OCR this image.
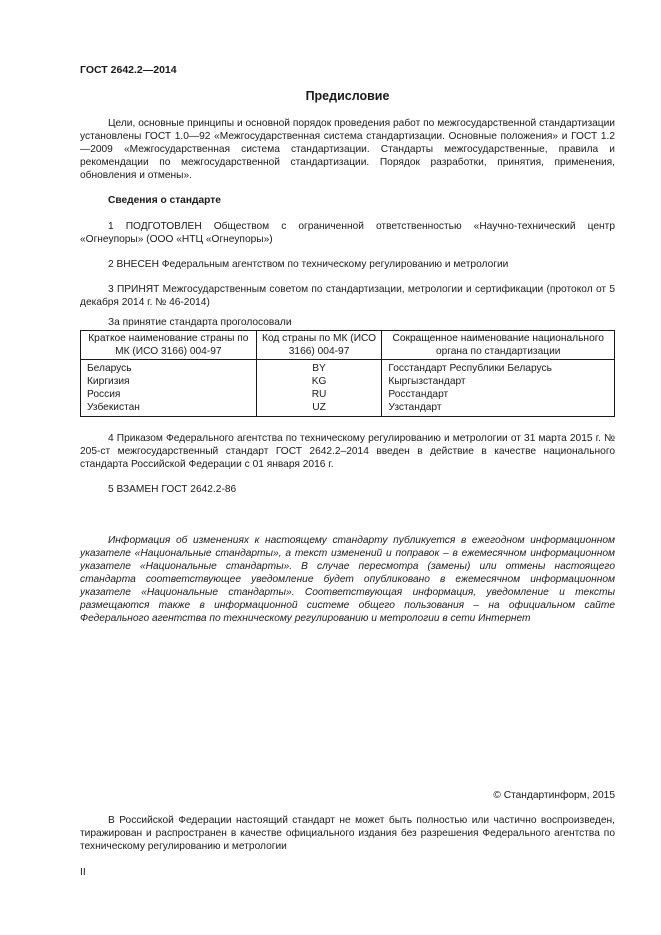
ГОСТ 2642.2—2014
Предисловие

Цели, основные принципы и основной порядок проведения работ по межгосударственной стандартизации установлены ГОСТ 1.0—92 «Межгосударственная система стандартизации. Основные положения» и ГОСТ 1.2—2009 «Межгосударственная система стандартизации. Стандарты межгосударственные, правила и рекомендации по межгосударственной стандартизации. Порядок разработки, принятия, применения, обновления и отмены».

Сведения о стандарте

1 ПОДГОТОВЛЕН Обществом с ограниченной ответственностью «Научно-технический центр «Огнеупоры» (ООО «НТЦ «Огнеупоры»)

2 ВНЕСЕН Федеральным агентством по техническому регулированию и метрологии

3 ПРИНЯТ Межгосударственным советом по стандартизации, метрологии и сертификации (протокол от 5 декабря 2014 г. № 46-2014)

За принятие стандарта проголосовали

Краткое наименование страны по МК (ИСО 3166) 004-97	Код страны по МК (ИСО 3166) 004-97	Сокращенное наименование национального органа по стандартизации
Беларусь	BY	Госстандарт Республики Беларусь
Киргизия	KG	Кыргызстандарт
Россия	RU	Росстандарт
Узбекистан	UZ	Узстандарт

4 Приказом Федерального агентства по техническому регулированию и метрологии от 31 марта 2015 г. № 205-ст межгосударственный стандарт ГОСТ 2642.2–2014 введен в действие в качестве национального стандарта Российской Федерации с 01 января 2016 г.

5 ВЗАМЕН ГОСТ 2642.2-86

Информация об изменениях к настоящему стандарту публикуется в ежегодном информационном указателе «Национальные стандарты», а текст изменений и поправок – в ежемесячном информационном указателе «Национальные стандарты». В случае пересмотра (замены) или отмены настоящего стандарта соответствующее уведомление будет опубликовано в ежемесячном информационном указателе «Национальные стандарты». Соответствующая информация, уведомление и тексты размещаются также в информационной системе общего пользования – на официальном сайте Федерального агентства по техническому регулированию и метрологии в сети Интернет

© Стандартинформ, 2015

В Российской Федерации настоящий стандарт не может быть полностью или частично воспроизведен, тиражирован и распространен в качестве официального издания без разрешения Федерального агентства по техническому регулированию и метрологии

II
